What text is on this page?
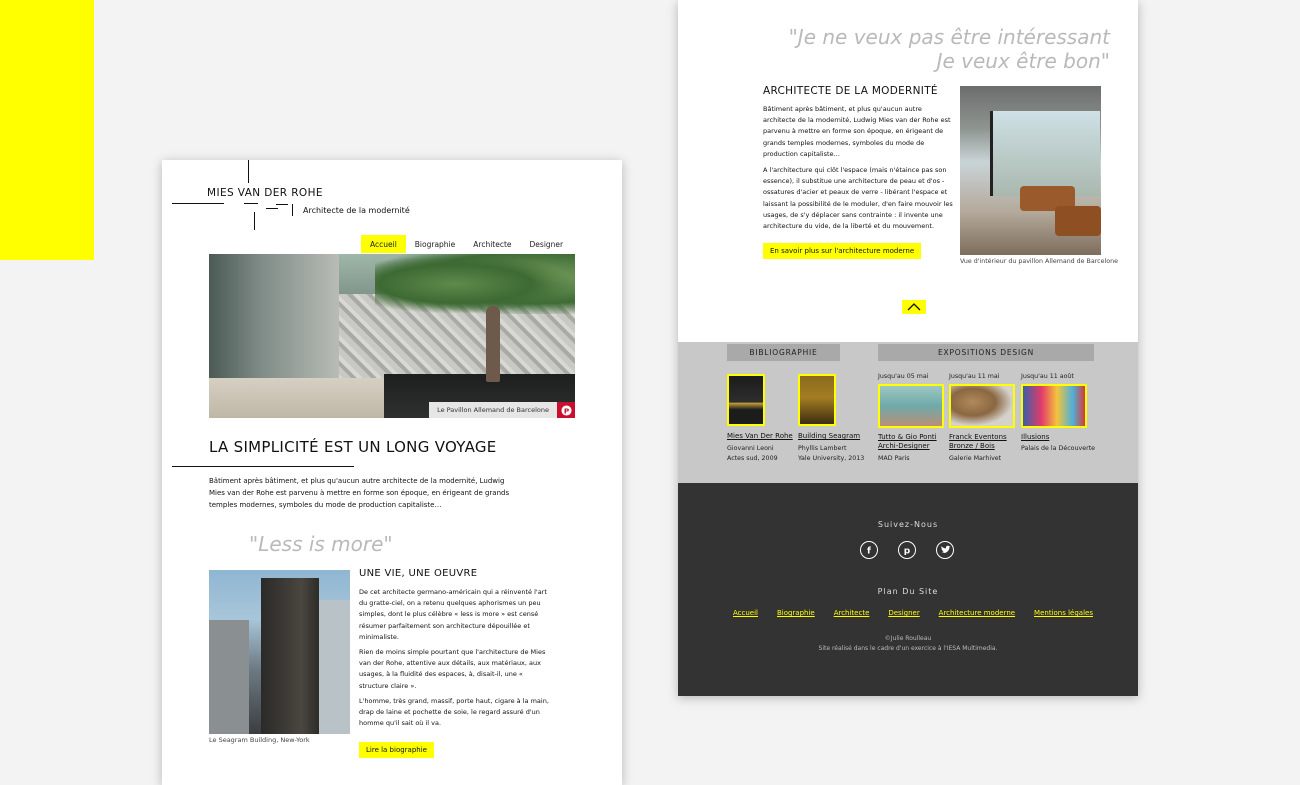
MIES VAN DER ROHE
Architecte de la modernité
Accueil	Biographie	Architecte	Designer
Le Pavillon Allemand de Barcelone	P
LA SIMPLICITÉ EST UN LONG VOYAGE
Bâtiment après bâtiment, et plus qu'aucun autre architecte de la modernité, Ludwig Mies van der Rohe est parvenu à mettre en forme son époque, en érigeant de grands temples modernes, symboles du mode de production capitaliste…
"Less is more"
Le Seagram Building, New-York
UNE VIE, UNE OEUVRE

De cet architecte germano-américain qui a réinventé l'art du gratte-ciel, on a retenu quelques aphorismes un peu simples, dont le plus célèbre « less is more » est censé résumer parfaitement son architecture dépouillée et minimaliste.

Rien de moins simple pourtant que l'architecture de Mies van der Rohe, attentive aux détails, aux matériaux, aux usages, à la fluidité des espaces, à, disait-il, une « structure claire ».

L'homme, très grand, massif, porte haut, cigare à la main, drap de laine et pochette de soie, le regard assuré d'un homme qu'il sait où il va.

Lire la biographie
"Je ne veux pas être intéressant
Je veux être bon"
ARCHITECTE DE LA MODERNITÉ

Bâtiment après bâtiment, et plus qu'aucun autre architecte de la modernité, Ludwig Mies van der Rohe est parvenu à mettre en forme son époque, en érigeant de grands temples modernes, symboles du mode de production capitaliste…

A l'architecture qui clôt l'espace (mais n'étaince pas son essence), il substitue une architecture de peau et d'os - ossatures d'acier et peaux de verre - libérant l'espace et laissant la possibilité de le moduler, d'en faire mouvoir les usages, de s'y déplacer sans contrainte : il invente une architecture du vide, de la liberté et du mouvement.

En savoir plus sur l'architecture moderne
Vue d'intérieur du pavillon Allemand de Barcelone
BIBLIOGRAPHIE	EXPOSITIONS DESIGN
Mies Van Der Rohe
Giovanni Leoni
Actes sud, 2009
Building Seagram
Phyllis Lambert
Yale University, 2013
Jusqu'au 05 mai
Tutto & Gio Ponti
Archi-Designer
MAD Paris
Jusqu'au 11 mai
Franck Eventons
Bronze / Bois
Galerie Marhivet
Jusqu'au 11 août
Illusions
Palais de la Découverte
Suivez-Nous
f	p
Plan Du Site
Accueil	Biographie	Architecte	Designer	Architecture moderne	Mentions légales
©Julie Roulleau
Site réalisé dans le cadre d'un exercice à l'IESA Multimedia.
